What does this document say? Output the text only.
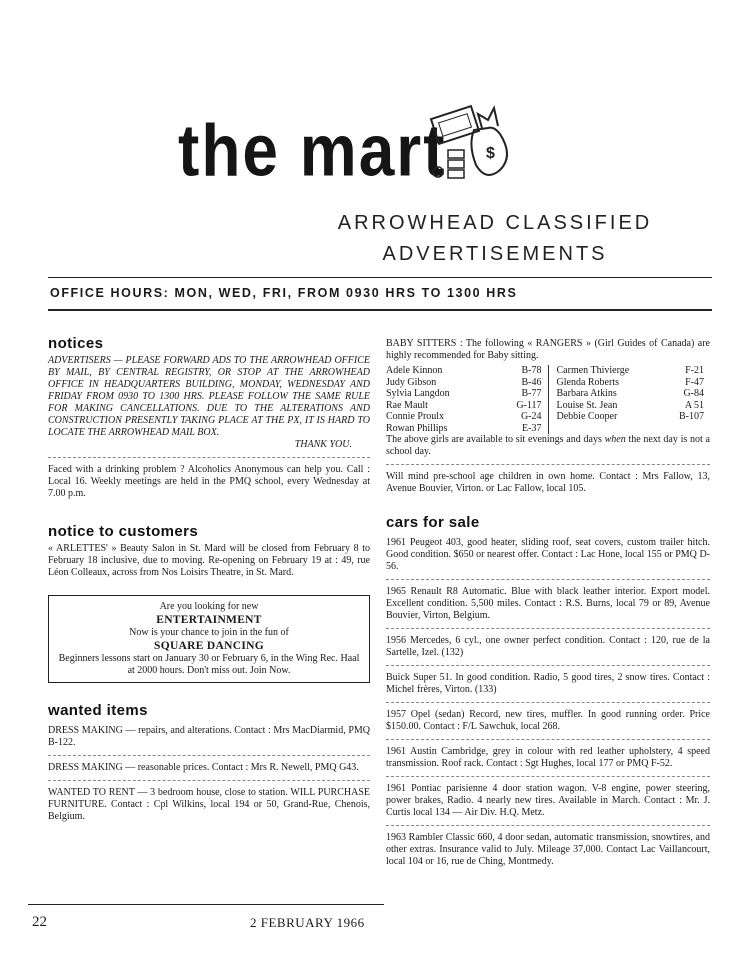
the mart $
ARROWHEAD CLASSIFIED
ADVERTISEMENTS
OFFICE HOURS: MON, WED, FRI, FROM 0930 HRS TO 1300 HRS
notices

ADVERTISERS — PLEASE FORWARD ADS TO THE ARROWHEAD OFFICE BY MAIL, BY CENTRAL REGISTRY, OR STOP AT THE ARROWHEAD OFFICE IN HEADQUARTERS BUILDING, MONDAY, WEDNESDAY AND FRIDAY FROM 0930 TO 1300 HRS. PLEASE FOLLOW THE SAME RULE FOR MAKING CANCELLATIONS. DUE TO THE ALTERATIONS AND CONSTRUCTION PRESENTLY TAKING PLACE AT THE PX, IT IS HARD TO LOCATE THE ARROWHEAD MAIL BOX.

THANK YOU.

Faced with a drinking problem ? Alcoholics Anonymous can help you. Call : Local 16. Weekly meetings are held in the PMQ school, every Wednesday at 7.00 p.m.

notice to customers

« ARLETTES' » Beauty Salon in St. Mard will be closed from February 8 to February 18 inclusive, due to moving. Re-opening on February 19 at : 49, rue Léon Colleaux, across from Nos Loisirs Theatre, in St. Mard.

Are you looking for new
ENTERTAINMENT
Now is your chance to join in the fun of
SQUARE DANCING
Beginners lessons start on January 30 or February 6, in the Wing Rec. Haal at 2000 hours. Don't miss out. Join Now.
wanted items

DRESS MAKING — repairs, and alterations. Contact : Mrs MacDiarmid, PMQ B-122.

DRESS MAKING — reasonable prices. Contact : Mrs R. Newell, PMQ G43.

WANTED TO RENT — 3 bedroom house, close to station. WILL PURCHASE FURNITURE. Contact : Cpl Wilkins, local 194 or 50, Grand-Rue, Chenois, Belgium.

BABY SITTERS : The following « RANGERS » (Girl Guides of Canada) are highly recommended for Baby sitting.

Adele Kinnon	B-78
Judy Gibson	B-46
Sylvia Langdon	B-77
Rae Mault	G-117
Connie Proulx	G-24
Rowan Phillips	E-37

Carmen Thivierge	F-21
Glenda Roberts	F-47
Barbara Atkins	G-84
Louise St. Jean	A 51
Debbie Cooper	B-107

The above girls are available to sit evenings and days when the next day is not a school day.

Will mind pre-school age children in own home. Contact : Mrs Fallow, 13, Avenue Bouvier, Virton. or Lac Fallow, local 105.

cars for sale

1961 Peugeot 403, good heater, sliding roof, seat covers, custom trailer hitch. Good condition. $650 or nearest offer. Contact : Lac Hone, local 155 or PMQ D-56.

1965 Renault R8 Automatic. Blue with black leather interior. Export model. Excellent condition. 5,500 miles. Contact : R.S. Burns, local 79 or 89, Avenue Bouvier, Virton, Belgium.

1956 Mercedes, 6 cyl., one owner perfect condition. Contact : 120, rue de la Sartelle, Izel. (132)

Buick Super 51. In good condition. Radio, 5 good tires, 2 snow tires. Contact : Michel frères, Virton. (133)

1957 Opel (sedan) Record, new tires, muffler. In good running order. Price $150.00. Contact : F/L Sawchuk, local 268.

1961 Austin Cambridge, grey in colour with red leather upholstery, 4 speed transmission. Roof rack. Contact : Sgt Hughes, local 177 or PMQ F-52.

1961 Pontiac parisienne 4 door station wagon. V-8 engine, power steering, power brakes, Radio. 4 nearly new tires. Available in March. Contact : Mr. J. Curtis local 134 — Air Div. H.Q. Metz.

1963 Rambler Classic 660, 4 door sedan, automatic transmission, snowtires, and other extras. Insurance valid to July. Mileage 37,000. Contact Lac Vaillancourt, local 104 or 16, rue de Ching, Montmedy.

22	2 FEBRUARY 1966
